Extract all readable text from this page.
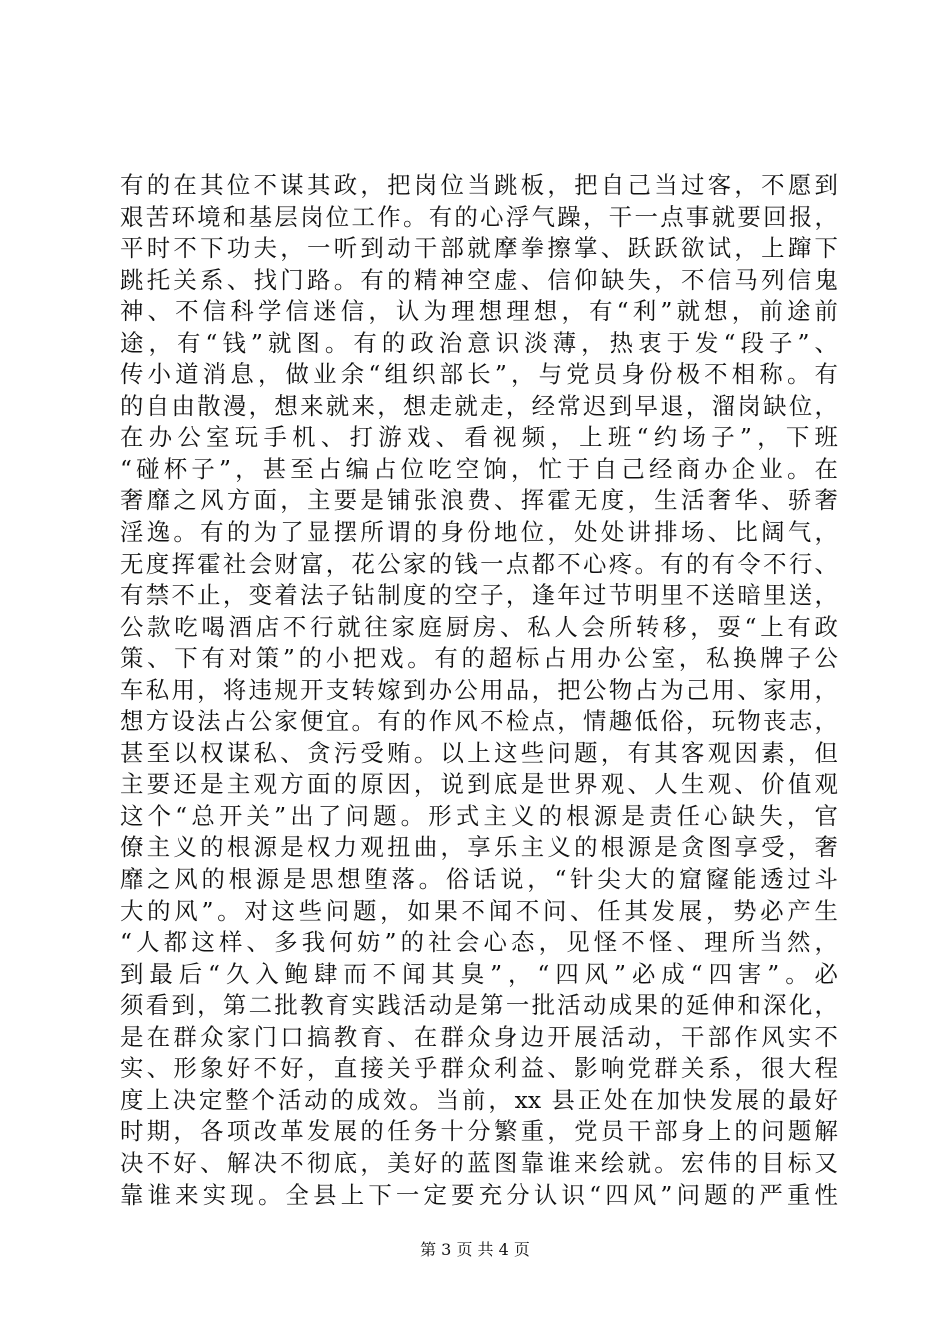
有的在其位不谋其政，把岗位当跳板，把自己当过客，不愿到
艰苦环境和基层岗位工作。有的心浮气躁，干一点事就要回报，
平时不下功夫，一听到动干部就摩拳擦掌、跃跃欲试，上蹿下
跳托关系、找门路。有的精神空虚、信仰缺失，不信马列信鬼
神、不信科学信迷信，认为理想理想，有“利”就想，前途前
途，有“钱”就图。有的政治意识淡薄，热衷于发“段子”、
传小道消息，做业余“组织部长”，与党员身份极不相称。有
的自由散漫，想来就来，想走就走，经常迟到早退，溜岗缺位，
在办公室玩手机、打游戏、看视频，上班“约场子”，下班
“碰杯子”，甚至占编占位吃空饷，忙于自己经商办企业。在
奢靡之风方面，主要是铺张浪费、挥霍无度，生活奢华、骄奢
淫逸。有的为了显摆所谓的身份地位，处处讲排场、比阔气，
无度挥霍社会财富，花公家的钱一点都不心疼。有的有令不行、
有禁不止，变着法子钻制度的空子，逢年过节明里不送暗里送，
公款吃喝酒店不行就往家庭厨房、私人会所转移，耍“上有政
策、下有对策”的小把戏。有的超标占用办公室，私换牌子公
车私用，将违规开支转嫁到办公用品，把公物占为己用、家用，
想方设法占公家便宜。有的作风不检点，情趣低俗，玩物丧志，
甚至以权谋私、贪污受贿。以上这些问题，有其客观因素，但
主要还是主观方面的原因，说到底是世界观、人生观、价值观
这个“总开关”出了问题。形式主义的根源是责任心缺失，官
僚主义的根源是权力观扭曲，享乐主义的根源是贪图享受，奢
靡之风的根源是思想堕落。俗话说，“针尖大的窟窿能透过斗
大的风”。对这些问题，如果不闻不问、任其发展，势必产生
“人都这样、多我何妨”的社会心态，见怪不怪、理所当然，
到最后“久入鲍肆而不闻其臭”，“四风”必成“四害”。必
须看到，第二批教育实践活动是第一批活动成果的延伸和深化，
是在群众家门口搞教育、在群众身边开展活动，干部作风实不
实、形象好不好，直接关乎群众利益、影响党群关系，很大程
度上决定整个活动的成效。当前，xx 县正处在加快发展的最好
时期，各项改革发展的任务十分繁重，党员干部身上的问题解
决不好、解决不彻底，美好的蓝图靠谁来绘就。宏伟的目标又
靠谁来实现。全县上下一定要充分认识“四风”问题的严重性
第 3 页 共 4 页
